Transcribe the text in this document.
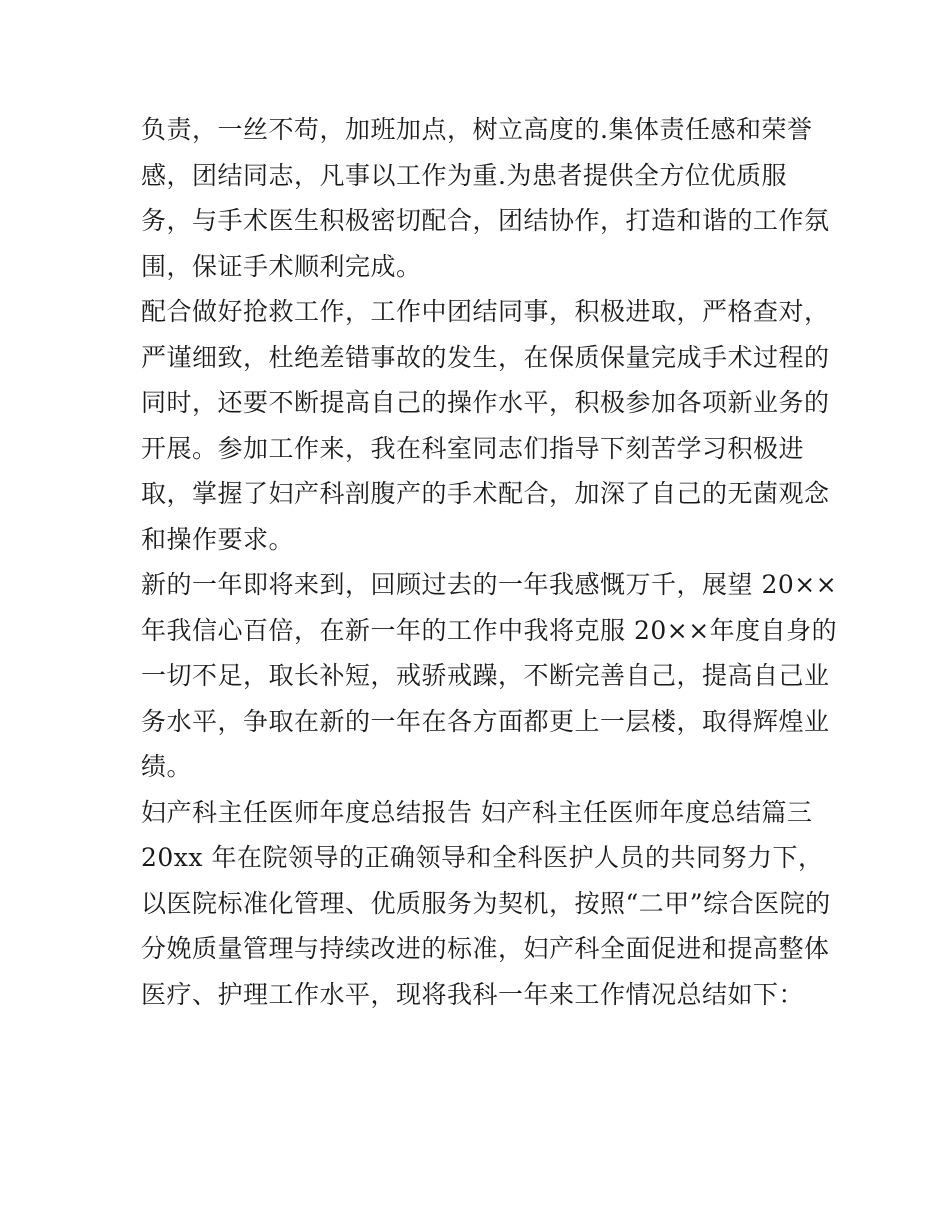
负责，一丝不苟，加班加点，树立高度的.集体责任感和荣誉
感，团结同志，凡事以工作为重.为患者提供全方位优质服
务，与手术医生积极密切配合，团结协作，打造和谐的工作氛
围，保证手术顺利完成。
配合做好抢救工作，工作中团结同事，积极进取，严格查对，
严谨细致，杜绝差错事故的发生，在保质保量完成手术过程的
同时，还要不断提高自己的操作水平，积极参加各项新业务的
开展。参加工作来，我在科室同志们指导下刻苦学习积极进
取，掌握了妇产科剖腹产的手术配合，加深了自己的无菌观念
和操作要求。
新的一年即将来到，回顾过去的一年我感慨万千，展望 20××
年我信心百倍，在新一年的工作中我将克服 20××年度自身的
一切不足，取长补短，戒骄戒躁，不断完善自己，提高自己业
务水平，争取在新的一年在各方面都更上一层楼，取得辉煌业
绩。
妇产科主任医师年度总结报告 妇产科主任医师年度总结篇三
20xx 年在院领导的正确领导和全科医护人员的共同努力下，
以医院标准化管理、优质服务为契机，按照“二甲”综合医院的
分娩质量管理与持续改进的标准，妇产科全面促进和提高整体
医疗、护理工作水平，现将我科一年来工作情况总结如下：
